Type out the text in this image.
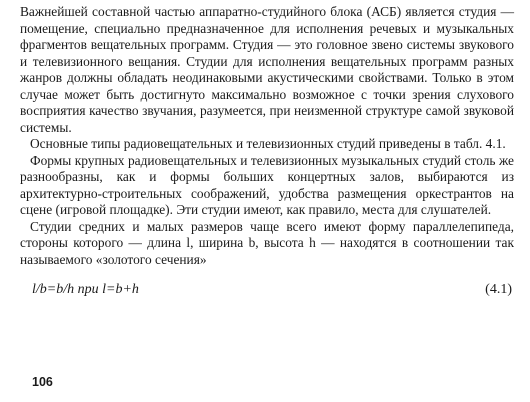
Важнейшей составной частью аппаратно-студийного блока (АСБ) является студия — помещение, специально предназначенное для исполнения речевых и музыкальных фрагментов вещательных программ. Студия — это головное звено системы звукового и телевизионного вещания. Студии для исполнения вещательных программ разных жанров должны обладать неодинаковыми акустическими свойствами. Только в этом случае может быть достигнуто максимально возможное с точки зрения слухового восприятия качество звучания, разумеется, при неизменной структуре самой звуковой системы.

Основные типы радиовещательных и телевизионных студий приведены в табл. 4.1.

Формы крупных радиовещательных и телевизионных музыкальных студий столь же разнообразны, как и формы больших концертных залов, выбираются из архитектурно-строительных соображений, удобства размещения оркестрантов на сцене (игровой площадке). Эти студии имеют, как правило, места для слушателей.

Студии средних и малых размеров чаще всего имеют форму параллелепипеда, стороны которого — длина l, ширина b, высота h — находятся в соотношении так называемого «золотого сечения»

l/b=b/h при l=b+h	(4.1)
106
